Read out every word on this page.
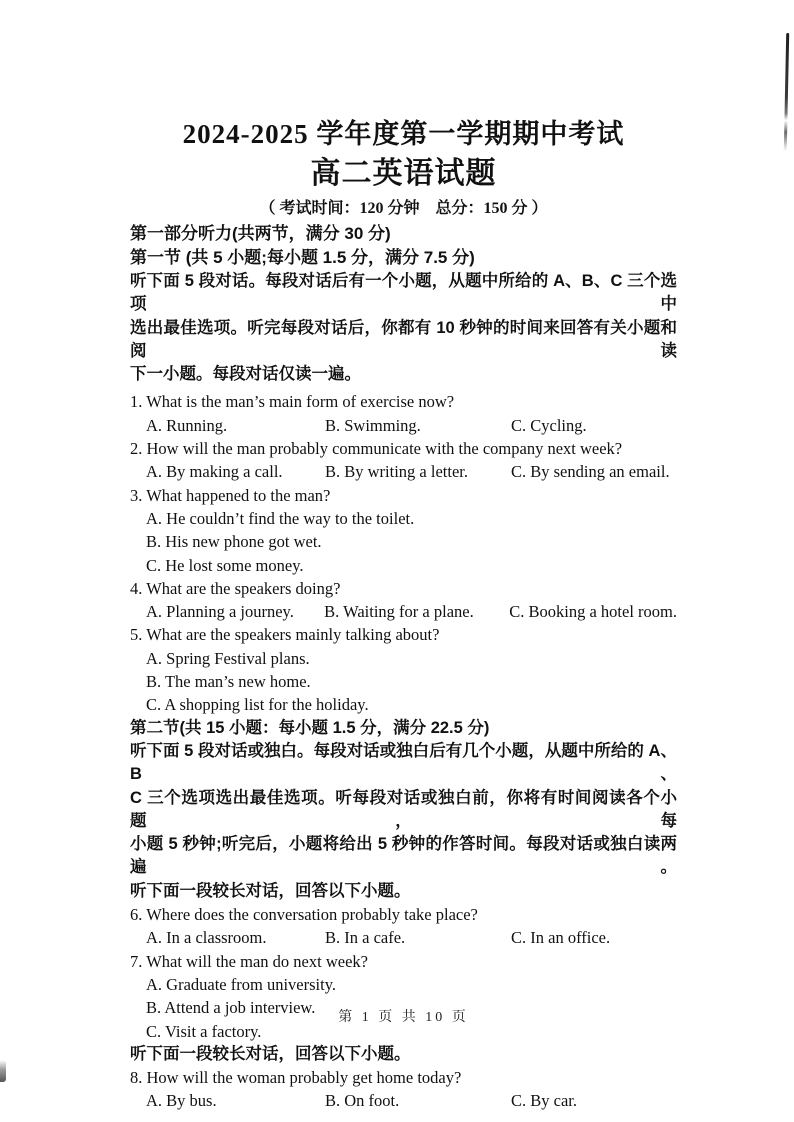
2024-2025 学年度第一学期期中考试
高二英语试题
（ 考试时间：120 分钟　总分：150 分 ）
第一部分听力(共两节，满分 30 分)
第一节 (共 5 小题;每小题 1.5 分，满分 7.5 分)
听下面 5 段对话。每段对话后有一个小题，从题中所给的 A、B、C 三个选项中
选出最佳选项。听完每段对话后，你都有 10 秒钟的时间来回答有关小题和阅读
下一小题。每段对话仅读一遍。
1. What is the man’s main form of exercise now?
A. Running.	B. Swimming.	C. Cycling.
2. How will the man probably communicate with the company next week?
A. By making a call.	B. By writing a letter.	C. By sending an email.
3. What happened to the man?
A. He couldn’t find the way to the toilet.
B. His new phone got wet.
C. He lost some money.
4. What are the speakers doing?
A. Planning a journey.	B. Waiting for a plane.	C. Booking a hotel room.
5. What are the speakers mainly talking about?
A. Spring Festival plans.
B. The man’s new home.
C. A shopping list for the holiday.
第二节(共 15 小题：每小题 1.5 分，满分 22.5 分)
听下面 5 段对话或独白。每段对话或独白后有几个小题，从题中所给的 A、B、
C 三个选项选出最佳选项。听每段对话或独白前，你将有时间阅读各个小题，每
小题 5 秒钟;听完后，小题将给出 5 秒钟的作答时间。每段对话或独白读两遍。
听下面一段较长对话，回答以下小题。
6. Where does the conversation probably take place?
A. In a classroom.	B. In a cafe.	C. In an office.
7. What will the man do next week?
A. Graduate from university.
B. Attend a job interview.
C. Visit a factory.
听下面一段较长对话，回答以下小题。
8. How will the woman probably get home today?
A. By bus.	B. On foot.	C. By car.
第 1 页 共 10 页
